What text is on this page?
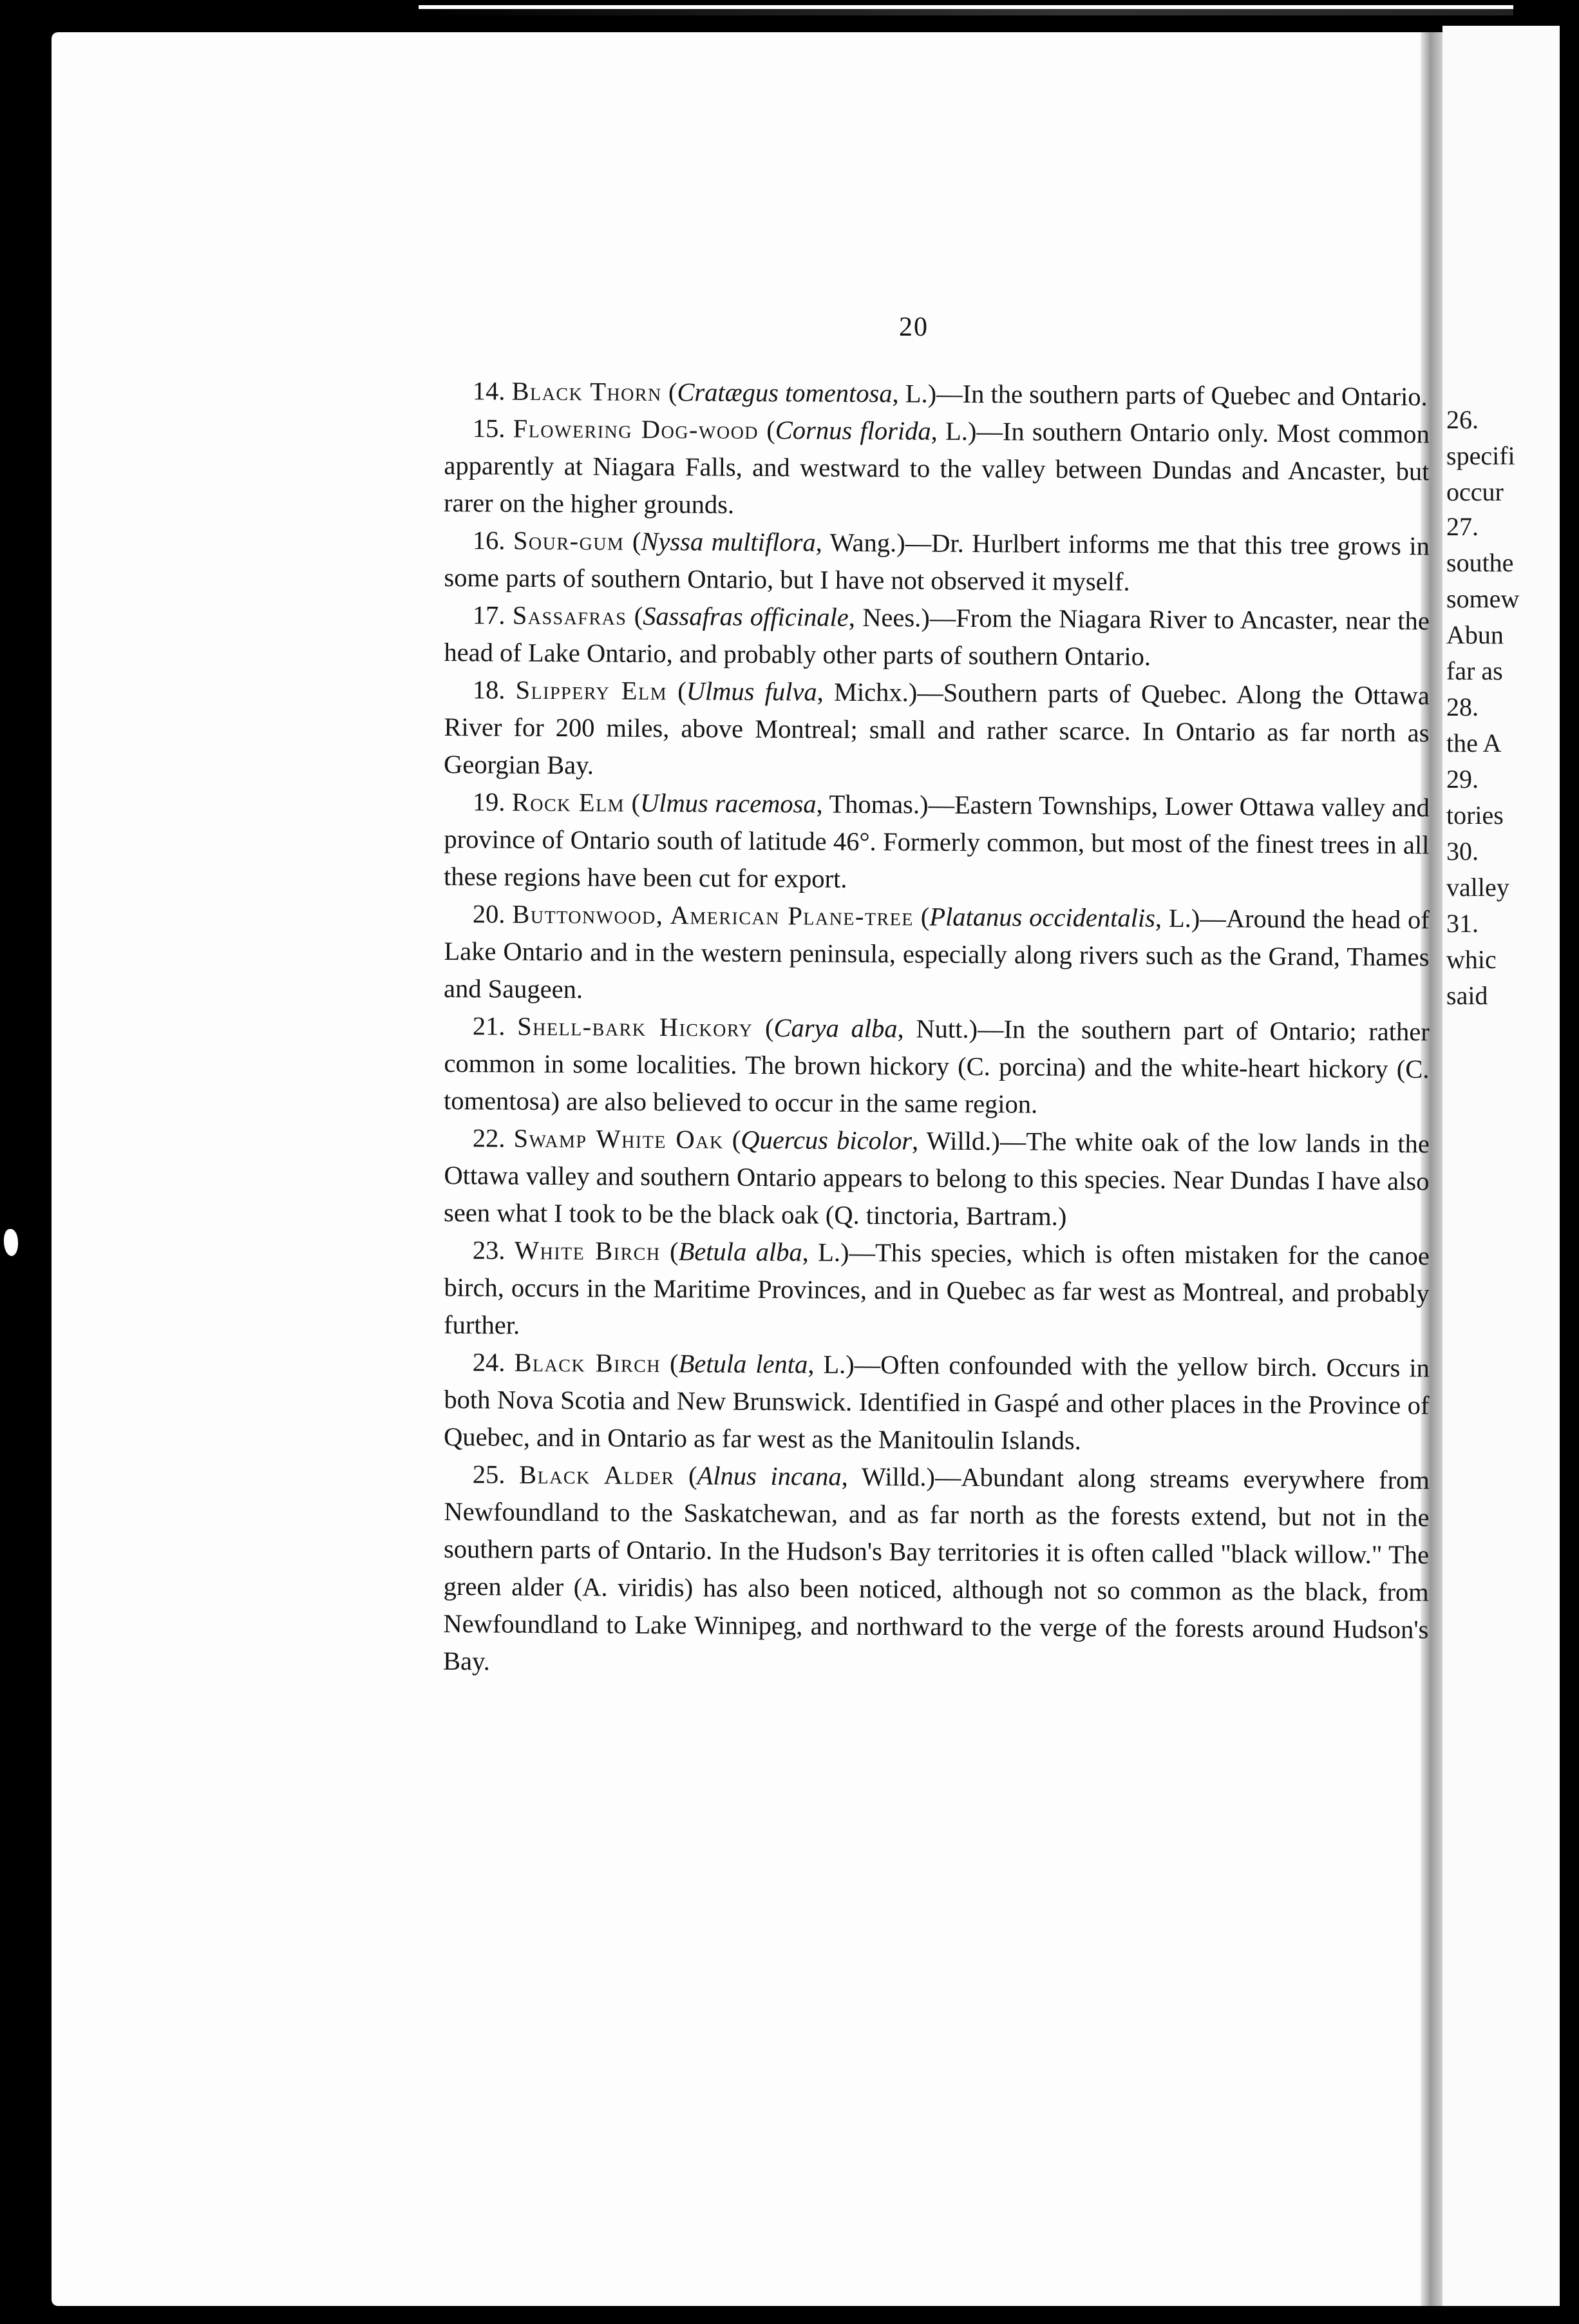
26.
specifi
occur
27.
southe
somew
Abun
far as
28.
the A
29.
tories
30.
valley
31.
whic
said
20

14. Black Thorn (Cratægus tomentosa, L.)—In the southern parts of Quebec and Ontario.

15. Flowering Dog-wood (Cornus florida, L.)—In southern Ontario only. Most common apparently at Niagara Falls, and westward to the valley between Dundas and Ancaster, but rarer on the higher grounds.

16. Sour-gum (Nyssa multiflora, Wang.)—Dr. Hurlbert informs me that this tree grows in some parts of southern Ontario, but I have not observed it myself.

17. Sassafras (Sassafras officinale, Nees.)—From the Niagara River to Ancaster, near the head of Lake Ontario, and probably other parts of southern Ontario.

18. Slippery Elm (Ulmus fulva, Michx.)—Southern parts of Quebec. Along the Ottawa River for 200 miles, above Montreal; small and rather scarce. In Ontario as far north as Georgian Bay.

19. Rock Elm (Ulmus racemosa, Thomas.)—Eastern Townships, Lower Ottawa valley and province of Ontario south of latitude 46°. Formerly common, but most of the finest trees in all these regions have been cut for export.

20. Buttonwood, American Plane-tree (Platanus occidentalis, L.)—Around the head of Lake Ontario and in the western peninsula, especially along rivers such as the Grand, Thames and Saugeen.

21. Shell-bark Hickory (Carya alba, Nutt.)—In the southern part of Ontario; rather common in some localities. The brown hickory (C. porcina) and the white-heart hickory (C. tomentosa) are also believed to occur in the same region.

22. Swamp White Oak (Quercus bicolor, Willd.)—The white oak of the low lands in the Ottawa valley and southern Ontario appears to belong to this species. Near Dundas I have also seen what I took to be the black oak (Q. tinctoria, Bartram.)

23. White Birch (Betula alba, L.)—This species, which is often mistaken for the canoe birch, occurs in the Maritime Provinces, and in Quebec as far west as Montreal, and probably further.

24. Black Birch (Betula lenta, L.)—Often confounded with the yellow birch. Occurs in both Nova Scotia and New Brunswick. Identified in Gaspé and other places in the Province of Quebec, and in Ontario as far west as the Manitoulin Islands.

25. Black Alder (Alnus incana, Willd.)—Abundant along streams everywhere from Newfoundland to the Saskatchewan, and as far north as the forests extend, but not in the southern parts of Ontario. In the Hudson's Bay territories it is often called "black willow." The green alder (A. viridis) has also been noticed, although not so common as the black, from Newfoundland to Lake Winnipeg, and northward to the verge of the forests around Hudson's Bay.
